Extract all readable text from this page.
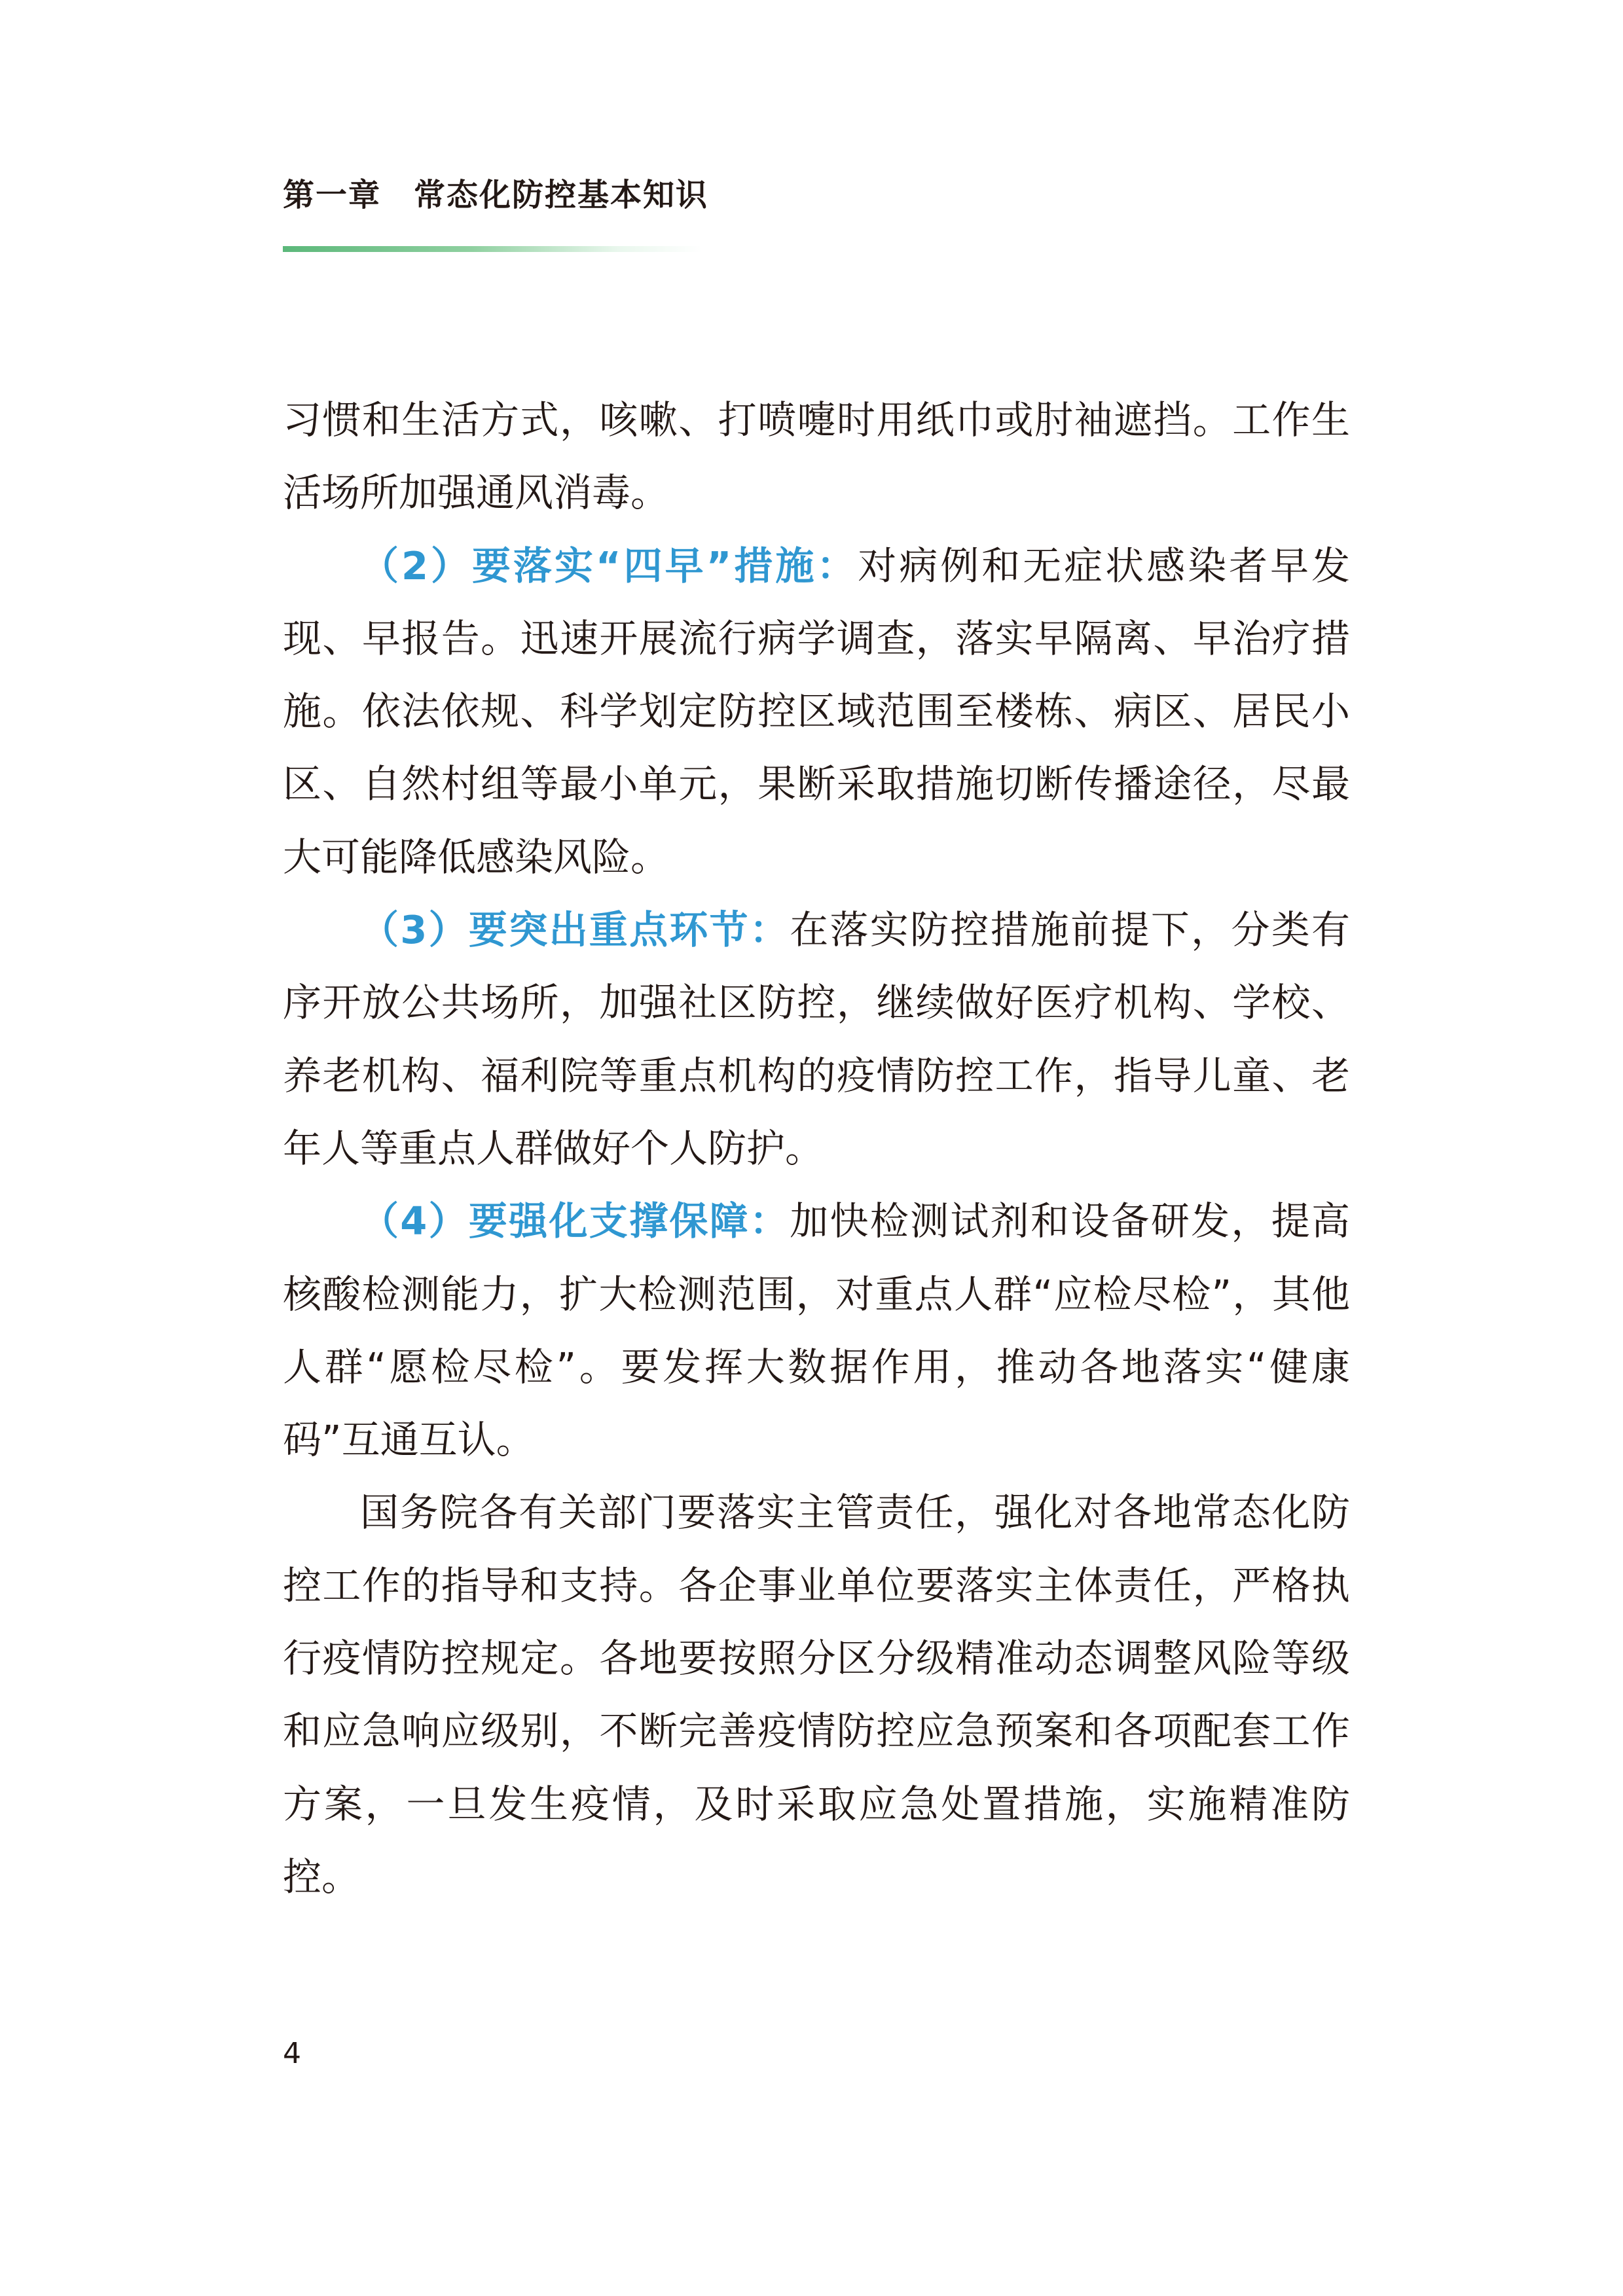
第一章 常态化防控基本知识

习惯和生活方式，咳嗽、打喷嚏时用纸巾或肘袖遮挡。工作生活场所加强通风消毒。

（2）要落实“四早”措施：对病例和无症状感染者早发现、早报告。迅速开展流行病学调查，落实早隔离、早治疗措施。依法依规、科学划定防控区域范围至楼栋、病区、居民小区、自然村组等最小单元，果断采取措施切断传播途径，尽最大可能降低感染风险。

（3）要突出重点环节：在落实防控措施前提下，分类有序开放公共场所，加强社区防控，继续做好医疗机构、学校、养老机构、福利院等重点机构的疫情防控工作，指导儿童、老年人等重点人群做好个人防护。

（4）要强化支撑保障：加快检测试剂和设备研发，提高核酸检测能力，扩大检测范围，对重点人群“应检尽检”，其他人群“愿检尽检”。要发挥大数据作用，推动各地落实“健康码”互通互认。

国务院各有关部门要落实主管责任，强化对各地常态化防控工作的指导和支持。各企事业单位要落实主体责任，严格执行疫情防控规定。各地要按照分区分级精准动态调整风险等级和应急响应级别，不断完善疫情防控应急预案和各项配套工作方案，一旦发生疫情，及时采取应急处置措施，实施精准防控。

4
